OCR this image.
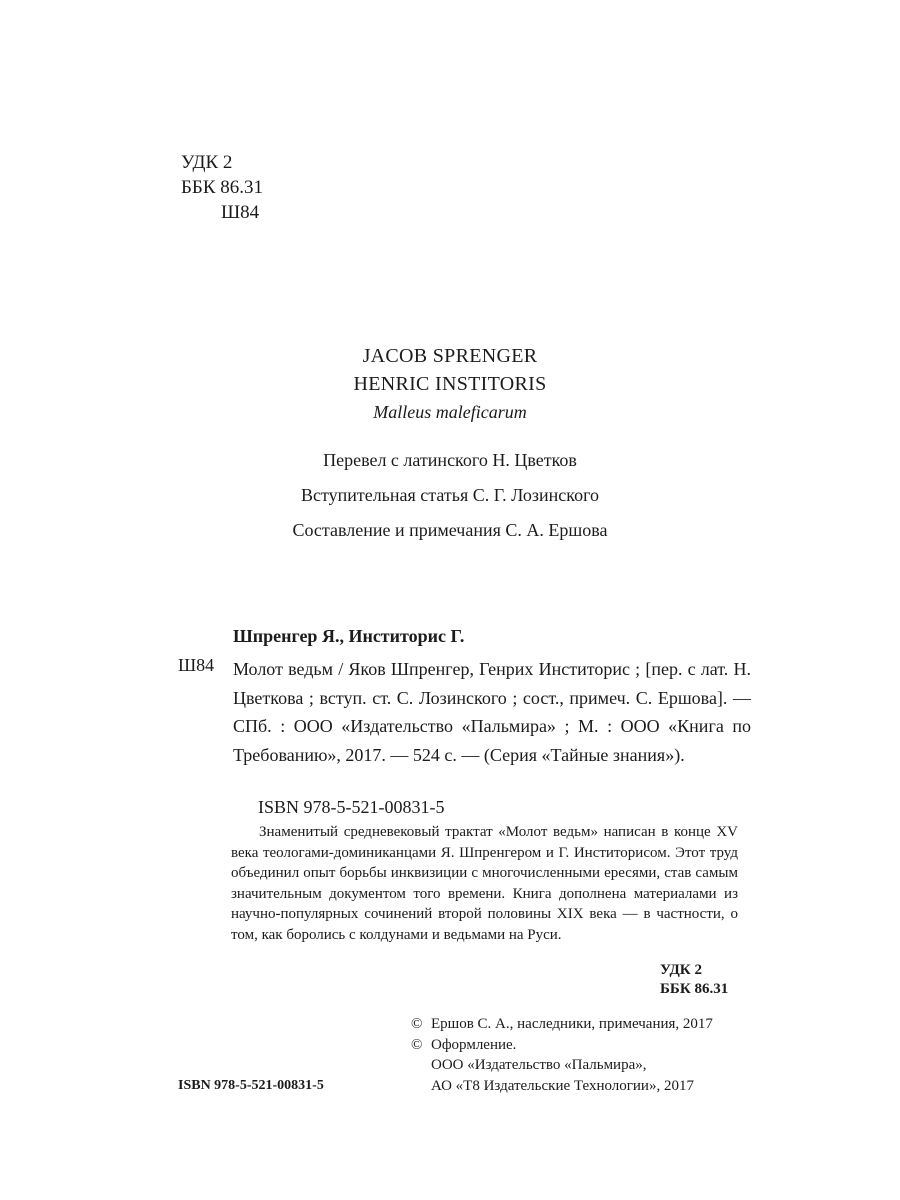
УДК 2
ББК 86.31
Ш84
JACOB SPRENGER
HENRIC INSTITORIS
Malleus maleficarum
Перевел с латинского Н. Цветков
Вступительная статья С. Г. Лозинского
Составление и примечания С. А. Ершова
Шпренгер Я., Инститорис Г.
Ш84 Молот ведьм / Яков Шпренгер, Генрих Инститорис ; [пер. с лат. Н. Цветкова ; вступ. ст. С. Лозинского ; сост., примеч. С. Ершова]. — СПб. : ООО «Издательство «Пальмира» ; М. : ООО «Книга по Требованию», 2017. — 524 с. — (Серия «Тайные знания»).
ISBN 978-5-521-00831-5
Знаменитый средневековый трактат «Молот ведьм» написан в конце XV века теологами-доминиканцами Я. Шпренгером и Г. Инститорисом. Этот труд объединил опыт борьбы инквизиции с многочисленными ересями, став самым значительным документом того времени. Книга дополнена материалами из научно-популярных сочинений второй половины XIX века — в частности, о том, как боролись с колдунами и ведьмами на Руси.
УДК 2
ББК 86.31
© Ершов С. А., наследники, примечания, 2017
© Оформление.
ООО «Издательство «Пальмира»,
АО «T8 Издательские Технологии», 2017
ISBN 978-5-521-00831-5
